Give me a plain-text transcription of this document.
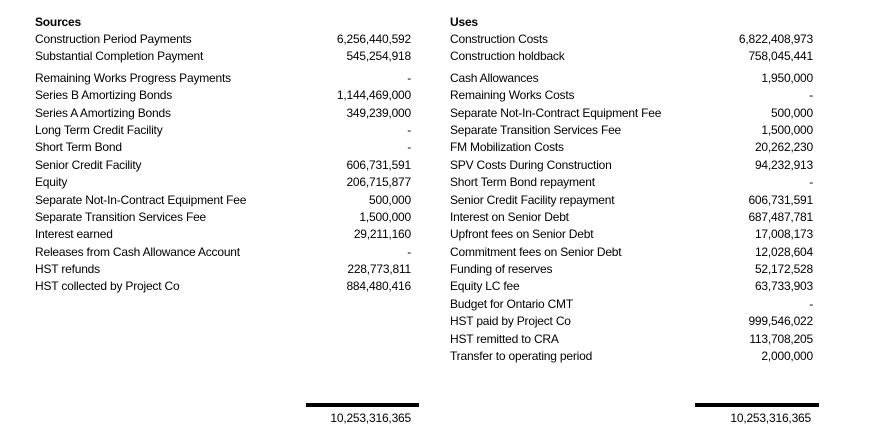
Sources
Construction Period Payments	6,256,440,592
Substantial Completion Payment	545,254,918
Remaining Works Progress Payments	-
Series B Amortizing Bonds	1,144,469,000
Series A Amortizing Bonds	349,239,000
Long Term Credit Facility	-
Short Term Bond	-
Senior Credit Facility	606,731,591
Equity	206,715,877
Separate Not-In-Contract Equipment Fee	500,000
Separate Transition Services Fee	1,500,000
Interest earned	29,211,160
Releases from Cash Allowance Account	-
HST refunds	228,773,811
HST collected by Project Co	884,480,416
Uses
Construction Costs	6,822,408,973
Construction holdback	758,045,441
Cash Allowances	1,950,000
Remaining Works Costs	-
Separate Not-In-Contract Equipment Fee	500,000
Separate Transition Services Fee	1,500,000
FM Mobilization Costs	20,262,230
SPV Costs During Construction	94,232,913
Short Term Bond repayment	-
Senior Credit Facility repayment	606,731,591
Interest on Senior Debt	687,487,781
Upfront fees on Senior Debt	17,008,173
Commitment fees on Senior Debt	12,028,604
Funding of reserves	52,172,528
Equity LC fee	63,733,903
Budget for Ontario CMT	-
HST paid by Project Co	999,546,022
HST remitted to CRA	113,708,205
Transfer to operating period	2,000,000
10,253,316,365	10,253,316,365
